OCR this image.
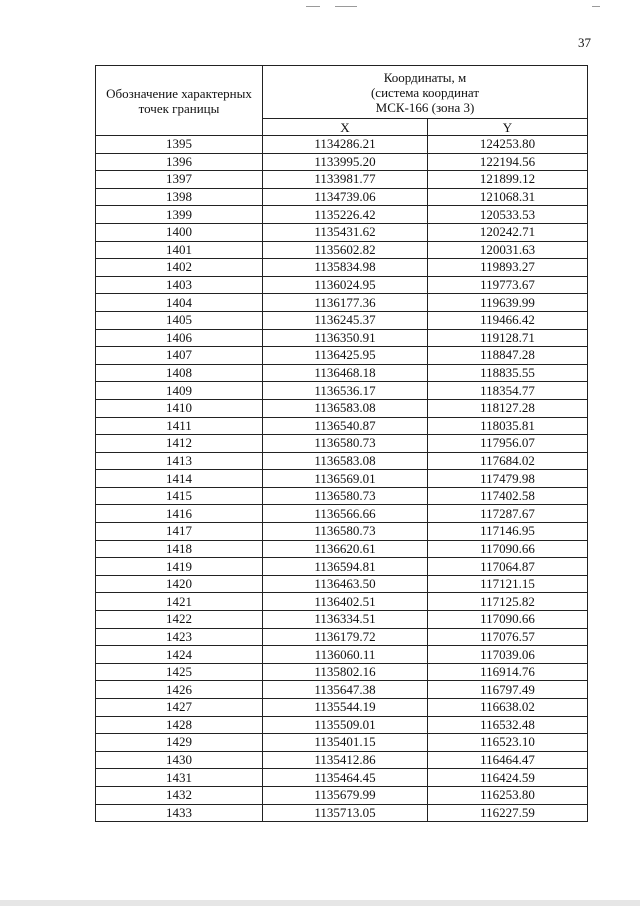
37
Обозначение характерных точек границы	Координаты, м
(система координат
МСК-166 (зона 3)	

	X	Y
1395	1134286.21	124253.80
1396	1133995.20	122194.56
1397	1133981.77	121899.12
1398	1134739.06	121068.31
1399	1135226.42	120533.53
1400	1135431.62	120242.71
1401	1135602.82	120031.63
1402	1135834.98	119893.27
1403	1136024.95	119773.67
1404	1136177.36	119639.99
1405	1136245.37	119466.42
1406	1136350.91	119128.71
1407	1136425.95	118847.28
1408	1136468.18	118835.55
1409	1136536.17	118354.77
1410	1136583.08	118127.28
1411	1136540.87	118035.81
1412	1136580.73	117956.07
1413	1136583.08	117684.02
1414	1136569.01	117479.98
1415	1136580.73	117402.58
1416	1136566.66	117287.67
1417	1136580.73	117146.95
1418	1136620.61	117090.66
1419	1136594.81	117064.87
1420	1136463.50	117121.15
1421	1136402.51	117125.82
1422	1136334.51	117090.66
1423	1136179.72	117076.57
1424	1136060.11	117039.06
1425	1135802.16	116914.76
1426	1135647.38	116797.49
1427	1135544.19	116638.02
1428	1135509.01	116532.48
1429	1135401.15	116523.10
1430	1135412.86	116464.47
1431	1135464.45	116424.59
1432	1135679.99	116253.80
1433	1135713.05	116227.59
